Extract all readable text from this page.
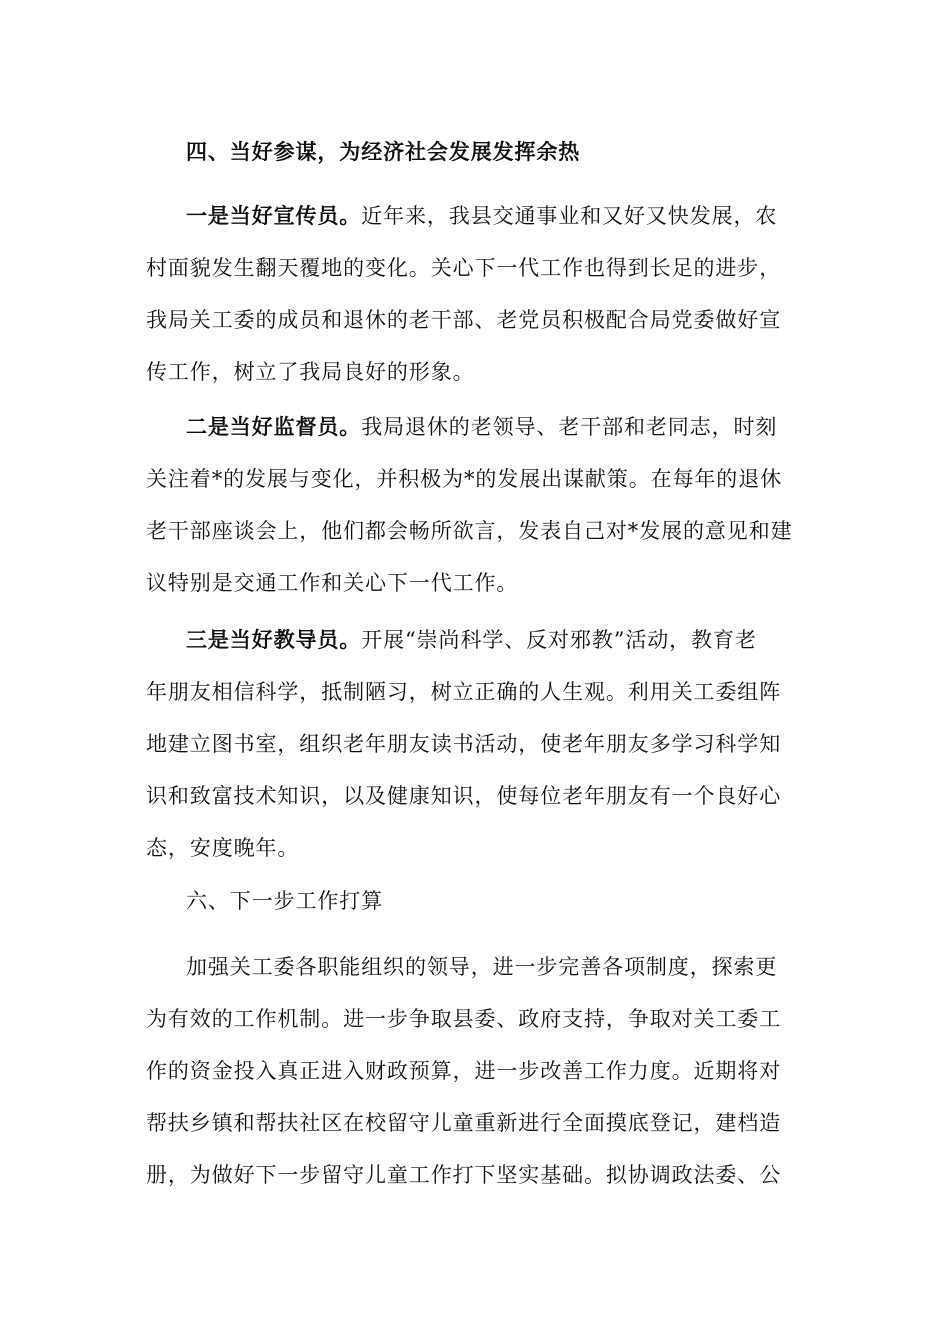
四、当好参谋，为经济社会发展发挥余热
一是当好宣传员。近年来，我县交通事业和又好又快发展，农
村面貌发生翻天覆地的变化。关心下一代工作也得到长足的进步，
我局关工委的成员和退休的老干部、老党员积极配合局党委做好宣
传工作，树立了我局良好的形象。
二是当好监督员。我局退休的老领导、老干部和老同志，时刻
关注着*的发展与变化，并积极为*的发展出谋献策。在每年的退休
老干部座谈会上，他们都会畅所欲言，发表自己对*发展的意见和建
议特别是交通工作和关心下一代工作。
三是当好教导员。开展“崇尚科学、反对邪教”活动，教育老
年朋友相信科学，抵制陋习，树立正确的人生观。利用关工委组阵
地建立图书室，组织老年朋友读书活动，使老年朋友多学习科学知
识和致富技术知识，以及健康知识，使每位老年朋友有一个良好心
态，安度晚年。
六、下一步工作打算
加强关工委各职能组织的领导，进一步完善各项制度，探索更
为有效的工作机制。进一步争取县委、政府支持，争取对关工委工
作的资金投入真正进入财政预算，进一步改善工作力度。近期将对
帮扶乡镇和帮扶社区在校留守儿童重新进行全面摸底登记，建档造
册，为做好下一步留守儿童工作打下坚实基础。拟协调政法委、公
